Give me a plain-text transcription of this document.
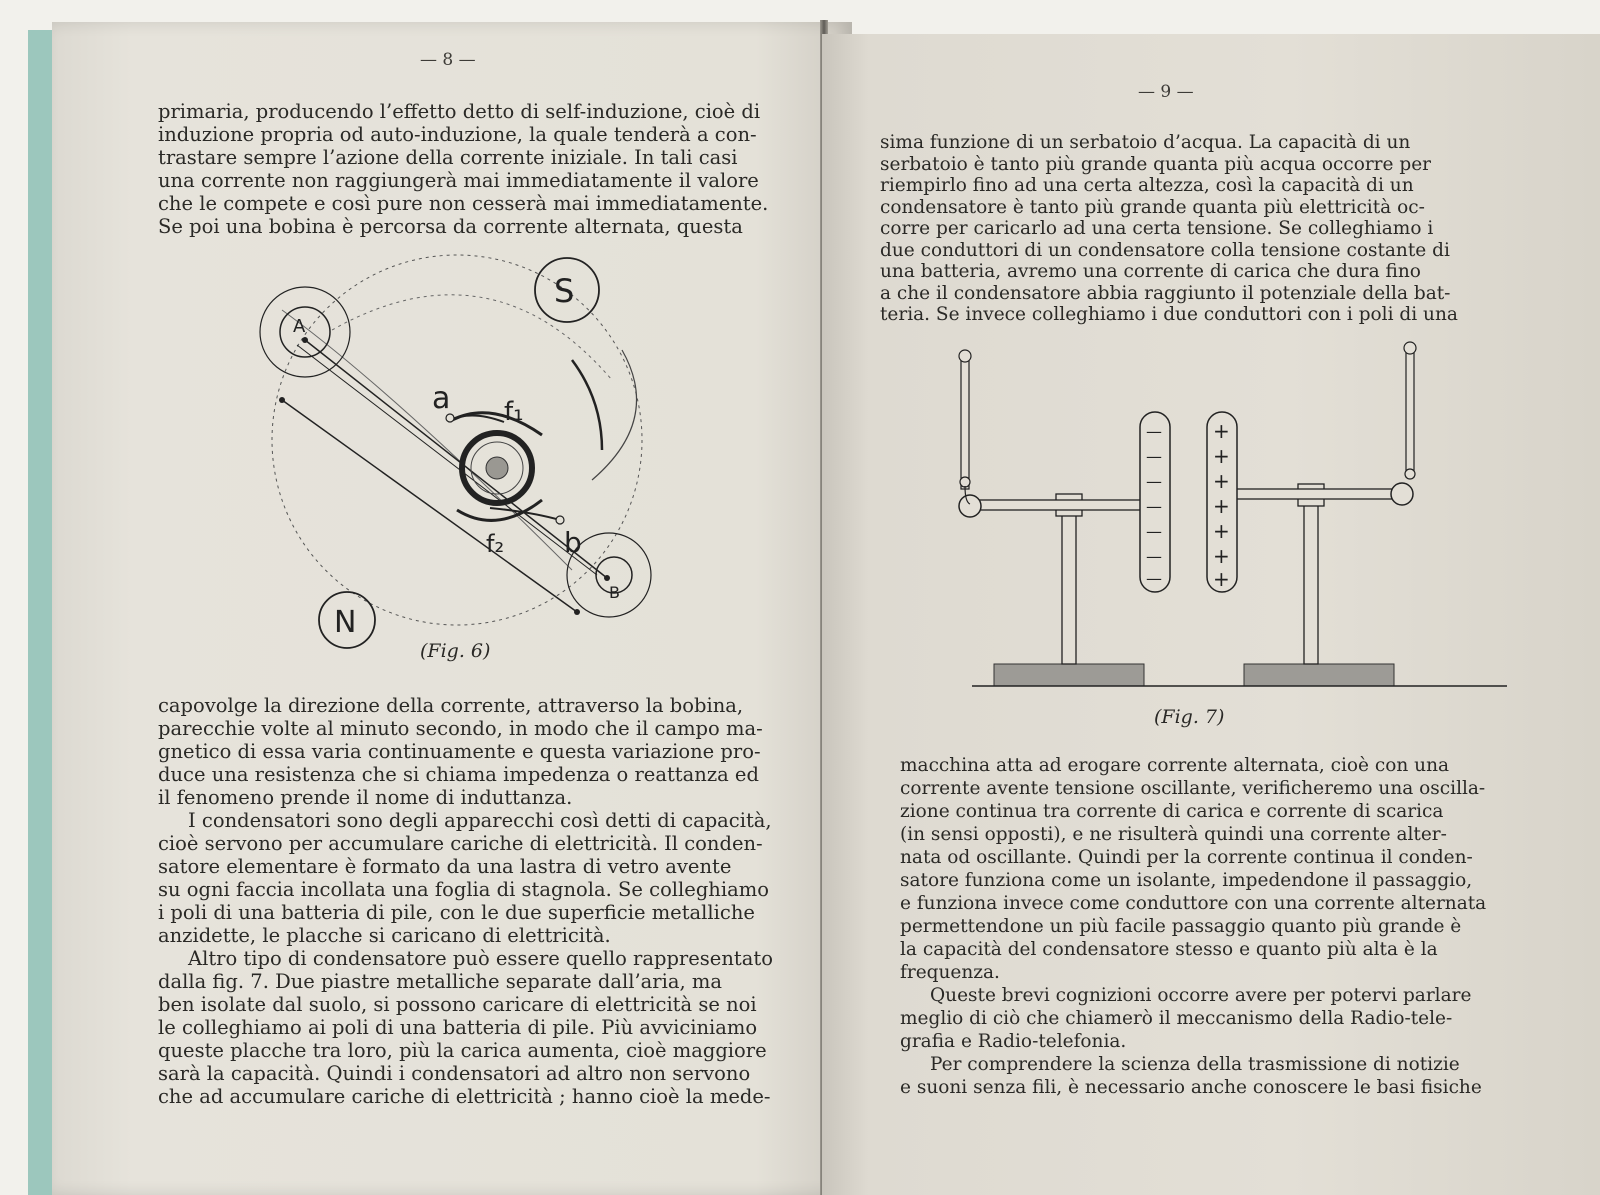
— 8 —
primaria, producendo l’effetto detto di self-induzione, cioè di
induzione propria od auto-induzione, la quale tenderà a con-
trastare sempre l’azione della corrente iniziale. In tali casi
una corrente non raggiungerà mai immediatamente il valore
che le compete e così pure non cesserà mai immediatamente.
Se poi una bobina è percorsa da corrente alternata, questa
A
S
N
B
a f₁
b
f₂
(Fig. 6)
capovolge la direzione della corrente, attraverso la bobina,
parecchie volte al minuto secondo, in modo che il campo ma-
gnetico di essa varia continuamente e questa variazione pro-
duce una resistenza che si chiama impedenza o reattanza ed
il fenomeno prende il nome di induttanza.
I condensatori sono degli apparecchi così detti di capacità,
cioè servono per accumulare cariche di elettricità. Il conden-
satore elementare è formato da una lastra di vetro avente
su ogni faccia incollata una foglia di stagnola. Se colleghiamo
i poli di una batteria di pile, con le due superficie metalliche
anzidette, le placche si caricano di elettricità.
Altro tipo di condensatore può essere quello rappresentato
dalla fig. 7. Due piastre metalliche separate dall’aria, ma
ben isolate dal suolo, si possono caricare di elettricità se noi
le colleghiamo ai poli di una batteria di pile. Più avviciniamo
queste placche tra loro, più la carica aumenta, cioè maggiore
sarà la capacità. Quindi i condensatori ad altro non servono
che ad accumulare cariche di elettricità ; hanno cioè la mede-
— 9 —
sima funzione di un serbatoio d’acqua. La capacità di un
serbatoio è tanto più grande quanta più acqua occorre per
riempirlo fino ad una certa altezza, così la capacità di un
condensatore è tanto più grande quanta più elettricità oc-
corre per caricarlo ad una certa tensione. Se colleghiamo i
due conduttori di un condensatore colla tensione costante di
una batteria, avremo una corrente di carica che dura fino
a che il condensatore abbia raggiunto il potenziale della bat-
teria. Se invece colleghiamo i due conduttori con i poli di una
—
—
—
—
—
—
—
+
+
+
+
+
+
+
(Fig. 7)
macchina atta ad erogare corrente alternata, cioè con una
corrente avente tensione oscillante, verificheremo una oscilla-
zione continua tra corrente di carica e corrente di scarica
(in sensi opposti), e ne risulterà quindi una corrente alter-
nata od oscillante. Quindi per la corrente continua il conden-
satore funziona come un isolante, impedendone il passaggio,
e funziona invece come conduttore con una corrente alternata
permettendone un più facile passaggio quanto più grande è
la capacità del condensatore stesso e quanto più alta è la
frequenza.
Queste brevi cognizioni occorre avere per potervi parlare
meglio di ciò che chiamerò il meccanismo della Radio-tele-
grafia e Radio-telefonia.
Per comprendere la scienza della trasmissione di notizie
e suoni senza fili, è necessario anche conoscere le basi fisiche
